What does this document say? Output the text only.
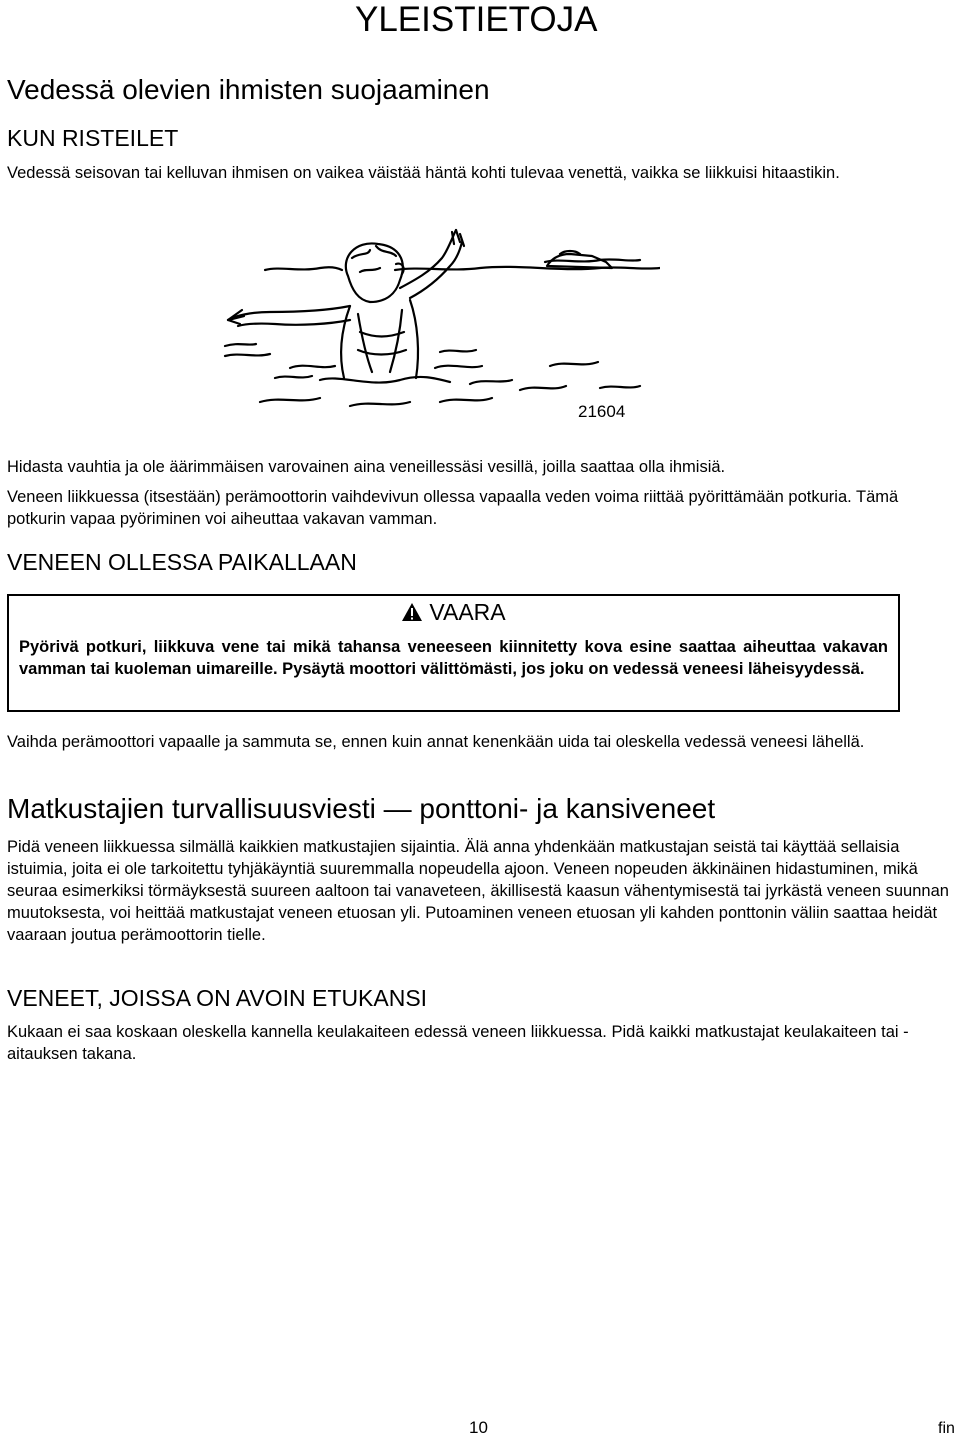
YLEISTIETOJA
Vedessä olevien ihmisten suojaaminen
KUN RISTEILET
Vedessä seisovan tai kelluvan ihmisen on vaikea väistää häntä kohti tulevaa venettä, vaikka se liikkuisi hitaastikin.
21604
Hidasta vauhtia ja ole äärimmäisen varovainen aina veneillessäsi vesillä, joilla saattaa olla ihmisiä.
Veneen liikkuessa (itsestään) perämoottorin vaihdevivun ollessa vapaalla veden voima riittää pyörittämään potkuria. Tämä potkurin vapaa pyöriminen voi aiheuttaa vakavan vamman.
VENEEN OLLESSA PAIKALLAAN
VAARA
Pyörivä potkuri, liikkuva vene tai mikä tahansa veneeseen kiinnitetty kova esine saattaa aiheuttaa vakavan vamman tai kuoleman uimareille. Pysäytä moottori välittömästi, jos joku on vedessä veneesi läheisyydessä.
Vaihda perämoottori vapaalle ja sammuta se, ennen kuin annat kenenkään uida tai oleskella vedessä veneesi lähellä.
Matkustajien turvallisuusviesti — ponttoni- ja kansiveneet
Pidä veneen liikkuessa silmällä kaikkien matkustajien sijaintia. Älä anna yhdenkään matkustajan seistä tai käyttää sellaisia istuimia, joita ei ole tarkoitettu tyhjäkäyntiä suuremmalla nopeudella ajoon. Veneen nopeuden äkkinäinen hidastuminen, mikä seuraa esimerkiksi törmäyksestä suureen aaltoon tai vanaveteen, äkillisestä kaasun vähentymisestä tai jyrkästä veneen suunnan muutoksesta, voi heittää matkustajat veneen etuosan yli. Putoaminen veneen etuosan yli kahden ponttonin väliin saattaa heidät vaaraan joutua perämoottorin tielle.
VENEET, JOISSA ON AVOIN ETUKANSI
Kukaan ei saa koskaan oleskella kannella keulakaiteen edessä veneen liikkuessa. Pidä kaikki matkustajat keulakaiteen tai -aitauksen takana.
10	fin
